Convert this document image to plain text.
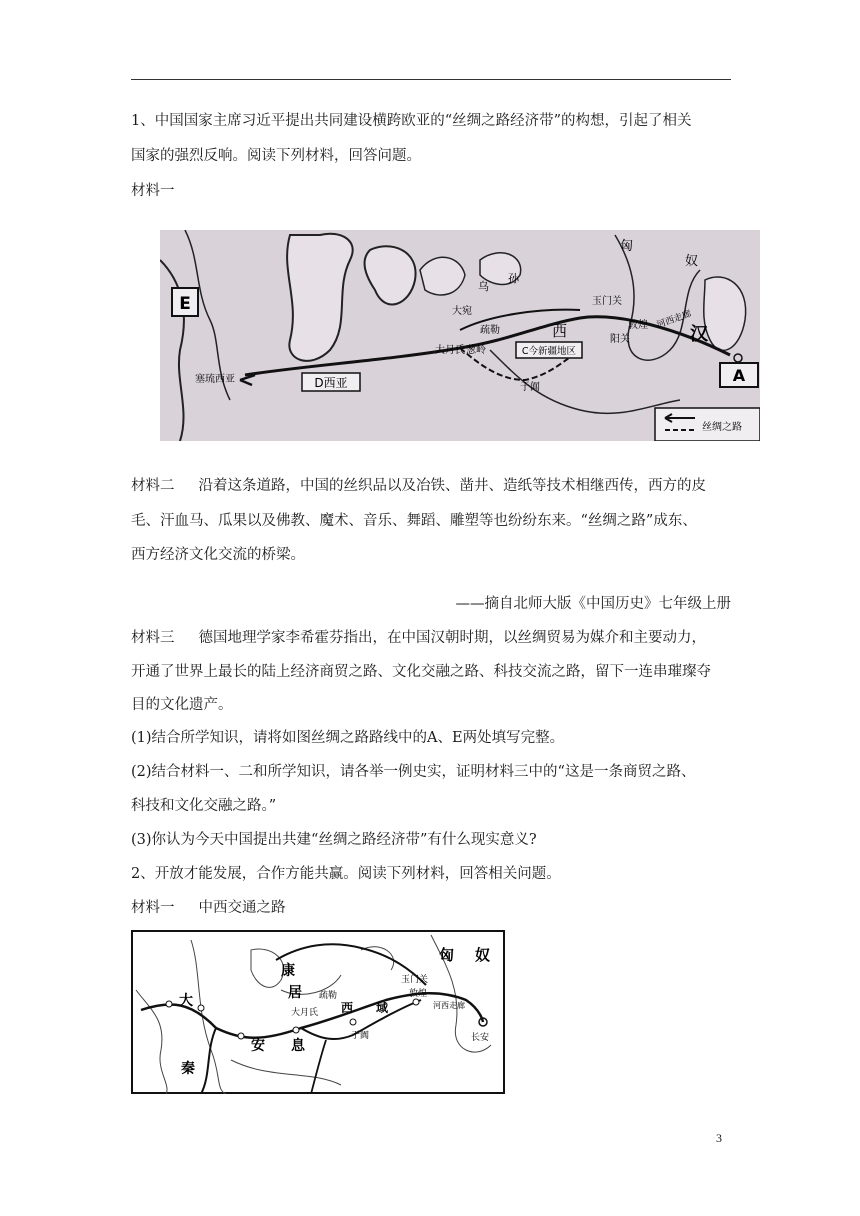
1、中国国家主席习近平提出共同建设横跨欧亚的“丝绸之路经济带”的构想，引起了相关

国家的强烈反响。阅读下列材料，回答问题。

材料一

E
A
匈
奴
汉
大宛
乌
孙
疏勒
大月氏 葱岭
西
C今新疆地区
玉门关
阳关
敦煌 河西走廊
于阗
D西亚
塞琉西亚
丝绸之路

材料二 沿着这条道路，中国的丝织品以及冶铁、凿井、造纸等技术相继西传，西方的皮

毛、汗血马、瓜果以及佛教、魔术、音乐、舞蹈、雕塑等也纷纷东来。“丝绸之路”成东、

西方经济文化交流的桥梁。

——摘自北师大版《中国历史》七年级上册

材料三 德国地理学家李希霍芬指出，在中国汉朝时期，以丝绸贸易为媒介和主要动力，

开通了世界上最长的陆上经济商贸之路、文化交融之路、科技交流之路，留下一连串璀璨夺

目的文化遗产。

(1)结合所学知识，请将如图丝绸之路路线中的A、E两处填写完整。

(2)结合材料一、二和所学知识，请各举一例史实，证明材料三中的“这是一条商贸之路、

科技和文化交融之路。”

(3)你认为今天中国提出共建“丝绸之路经济带”有什么现实意义?

2、开放才能发展，合作方能共赢。阅读下列材料，回答相关问题。

材料一 中西交通之路

康
居
匈 奴
大
秦
安 息
大月氏
疏勒
西 域
玉门关
敦煌
河西走廊
于阗	长安
3
